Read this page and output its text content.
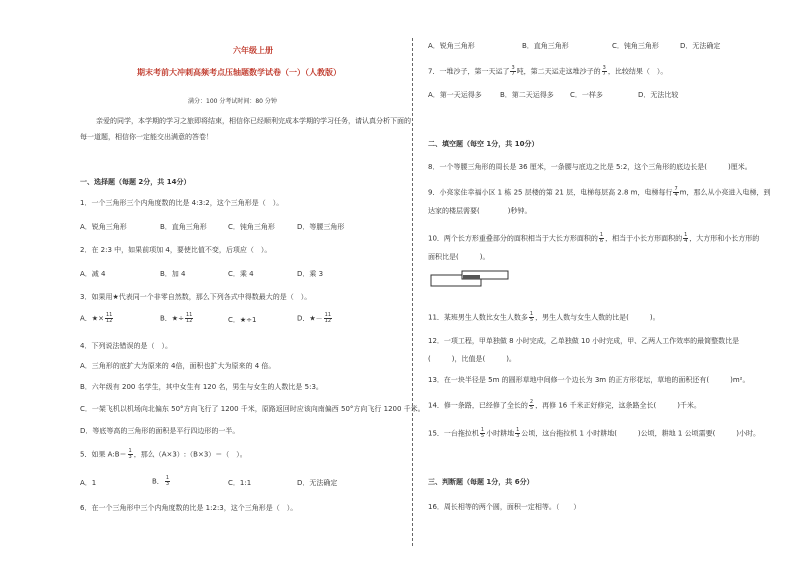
六年级上册
期末考前大冲刺高频考点压轴题数学试卷（一）（人教版）
满分：100 分考试时间：80 分钟
亲爱的同学，本学期的学习之旅即将结束，相信你已经顺利完成本学期的学习任务，请认真分析下面的
每一道题，相信你一定能交出满意的答卷！
一、选择题（每题 2分，共 14分）
1．一个三角形三个内角度数的比是 4:3:2，这个三角形是（　）。
A．锐角三角形	B．直角三角形	C．钝角三角形	D．等腰三角形
2．在 2:3 中，如果前项加 4，要使比值不变，后项应（　）。
A．减 4	B．加 4	C．乘 4	D．乘 3
3．如果用★代表同一个非零自然数，那么下列各式中得数最大的是（　）。
A．★× $\frac{11}{12}$	B．★÷ $\frac{11}{12}$	C．★÷1	D．★－ $\frac{11}{12}$
4．下列说法错误的是（　）。
A．三角形的底扩大为原来的 4倍，面积也扩大为原来的 4 倍。
B．六年级有 200 名学生，其中女生有 120 名，男生与女生的人数比是 5:3。
C．一架飞机以机场向北偏东 50°方向飞行了 1200 千米，原路返回时应该向南偏西 50°方向飞行 1200 千米。
D．等底等高的三角形的面积是平行四边形的一半。
5．如果 A:B＝ $\frac{1}{3}$ ，那么（A×3）:（B×3）＝（　）。
A．1	B． $\frac{1}{3}$	C．1:1	D．无法确定
6．在一个三角形中三个内角度数的比是 1:2:3，这个三角形是（　）。
A．锐角三角形	B．直角三角形	C．钝角三角形	D．无法确定
7．一堆沙子，第一天运了 $\frac{3}{7}$ 吨，第二天运走这堆沙子的 $\frac{3}{7}$ ，比较结果（　）。
A．第一天运得多	B．第二天运得多 C．一样多	D．无法比较
二、填空题（每空 1分，共 10分）
8．一个等腰三角形的周长是 36 厘米，一条腰与底边之比是 5:2，这个三角形的底边长是(　　　)厘米。
9．小亮家住幸福小区 1 栋 25 层楼的第 21 层，电梯每层高 2.8 m，电梯每行 $\frac{7}{4}$ m，那么从小亮进入电梯，到
达家的楼层需要(　　　　)秒钟。
10．两个长方形重叠部分的面积相当于大长方形面积的 $\frac{1}{6}$ ，相当于小长方形面积的 $\frac{1}{4}$ ，大方形和小长方形的
面积比是(　　　)。
11．某班男生人数比女生人数多 $\frac{1}{5}$ ，男生人数与女生人数的比是(　　　)。
12．一项工程，甲单独做 8 小时完成，乙单独做 10 小时完成，甲、乙两人工作效率的最简整数比是
(　　　)，比值是(　　　)。
13．在一块半径是 5m 的圆形草地中间修一个边长为 3m 的正方形花坛，草地的面积还有(　　　)m²。
14．修一条路，已经修了全长的 $\frac{2}{5}$ ，再修 16 千米正好修完，这条路全长(　　　)千米。
15．一台拖拉机 $\frac{1}{5}$ 小时耕地 $\frac{1}{3}$ 公顷，这台拖拉机 1 小时耕地(　　　)公顷，耕地 1 公顷需要(　　　)小时。
三、判断题（每题 1分，共 6分）
16．周长相等的两个圆，面积一定相等。（　　）
